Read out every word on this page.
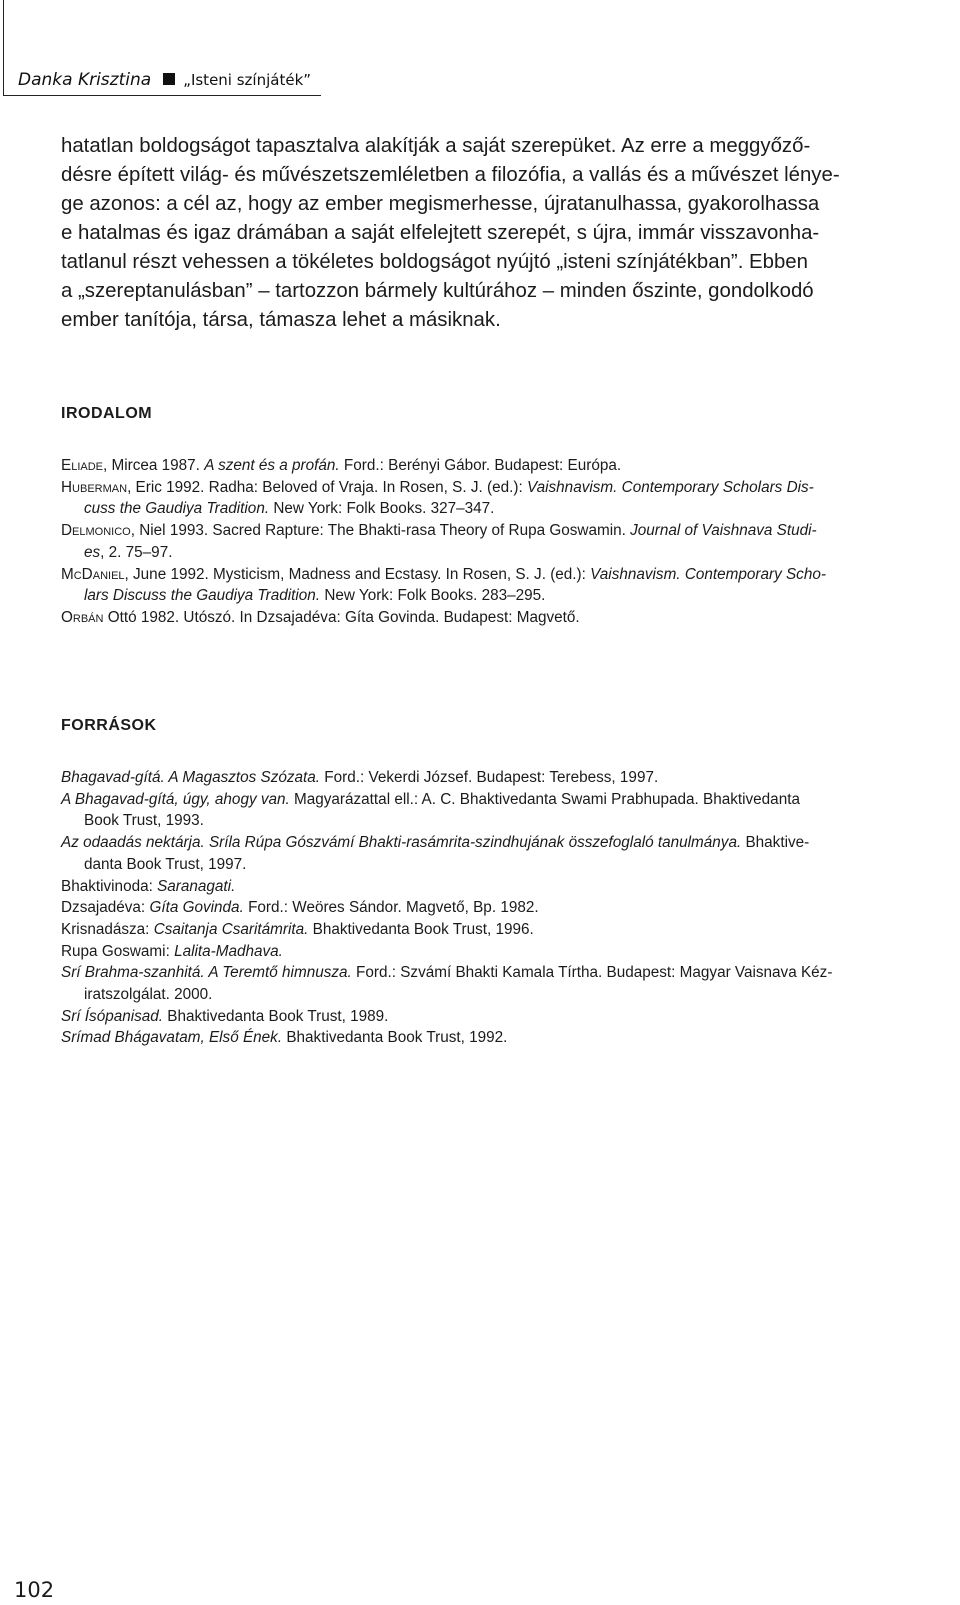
Danka Krisztina „Isteni színjáték”

hatatlan boldogságot tapasztalva alakítják a saját szerepüket. Az erre a meggyőző-
désre épített világ- és művészetszemléletben a filozófia, a vallás és a művészet lénye-
ge azonos: a cél az, hogy az ember megismerhesse, újratanulhassa, gyakorolhassa
e hatalmas és igaz drámában a saját elfelejtett szerepét, s újra, immár visszavonha-
tatlanul részt vehessen a tökéletes boldogságot nyújtó „isteni színjátékban”. Ebben
a „szereptanulásban” – tartozzon bármely kultúrához – minden őszinte, gondolkodó
ember tanítója, társa, támasza lehet a másiknak.

IRODALOM
Eliade, Mircea 1987. A szent és a profán. Ford.: Berényi Gábor. Budapest: Európa.
Huberman, Eric 1992. Radha: Beloved of Vraja. In Rosen, S. J. (ed.): Vaishnavism. Contemporary Scholars Dis-
cuss the Gaudiya Tradition. New York: Folk Books. 327–347.
Delmonico, Niel 1993. Sacred Rapture: The Bhakti-rasa Theory of Rupa Goswamin. Journal of Vaishnava Studi-
es, 2. 75–97.
McDaniel, June 1992. Mysticism, Madness and Ecstasy. In Rosen, S. J. (ed.): Vaishnavism. Contemporary Scho-
lars Discuss the Gaudiya Tradition. New York: Folk Books. 283–295.
Orbán Ottó 1982. Utószó. In Dzsajadéva: Gíta Govinda. Budapest: Magvető.
FORRÁSOK
Bhagavad-gítá. A Magasztos Szózata. Ford.: Vekerdi József. Budapest: Terebess, 1997.
A Bhagavad-gítá, úgy, ahogy van. Magyarázattal ell.: A. C. Bhaktivedanta Swami Prabhupada. Bhaktivedanta
Book Trust, 1993.
Az odaadás nektárja. Sríla Rúpa Gószvámí Bhakti-rasámrita-szindhujának összefoglaló tanulmánya. Bhaktive-
danta Book Trust, 1997.
Bhaktivinoda: Saranagati.
Dzsajadéva: Gíta Govinda. Ford.: Weöres Sándor. Magvető, Bp. 1982.
Krisnadásza: Csaitanja Csaritámrita. Bhaktivedanta Book Trust, 1996.
Rupa Goswami: Lalita-Madhava.
Srí Brahma-szanhitá. A Teremtő himnusza. Ford.: Szvámí Bhakti Kamala Tírtha. Budapest: Magyar Vaisnava Kéz-
iratszolgálat. 2000.
Srí Ísópanisad. Bhaktivedanta Book Trust, 1989.
Srímad Bhágavatam, Első Ének. Bhaktivedanta Book Trust, 1992.
102
